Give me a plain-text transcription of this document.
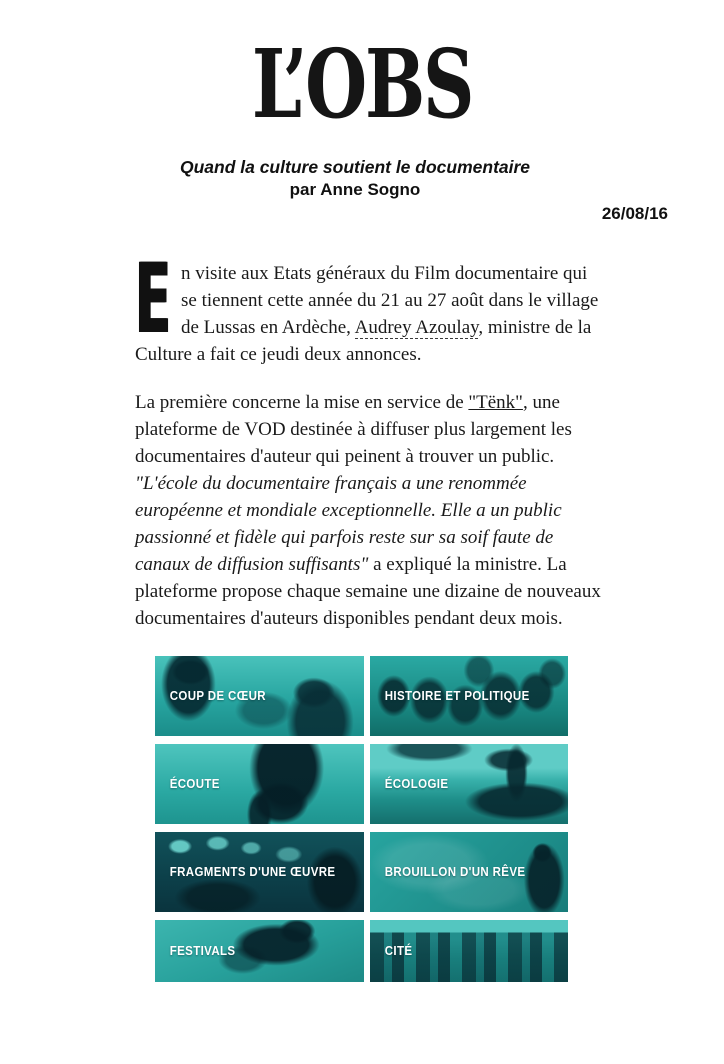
L’OBS
Quand la culture soutient le documentaire
par Anne Sogno
26/08/16

En visite aux Etats généraux du Film documentaire qui se tiennent cette année du 21 au 27 août dans le village de Lussas en Ardèche, Audrey Azoulay, ministre de la Culture a fait ce jeudi deux annonces.

La première concerne la mise en service de "Tënk", une plateforme de VOD destinée à diffuser plus largement les documentaires d'auteur qui peinent à trouver un public. "L'école du documentaire français a une renommée européenne et mondiale exceptionnelle. Elle a un public passionné et fidèle qui parfois reste sur sa soif faute de canaux de diffusion suffisants" a expliqué la ministre. La plateforme propose chaque semaine une dizaine de nouveaux documentaires d'auteurs disponibles pendant deux mois.

COUP DE CŒUR	HISTOIRE ET POLITIQUE
ÉCOUTE	ÉCOLOGIE
FRAGMENTS D'UNE ŒUVRE	BROUILLON D'UN RÊVE
FESTIVALS	CITÉ
